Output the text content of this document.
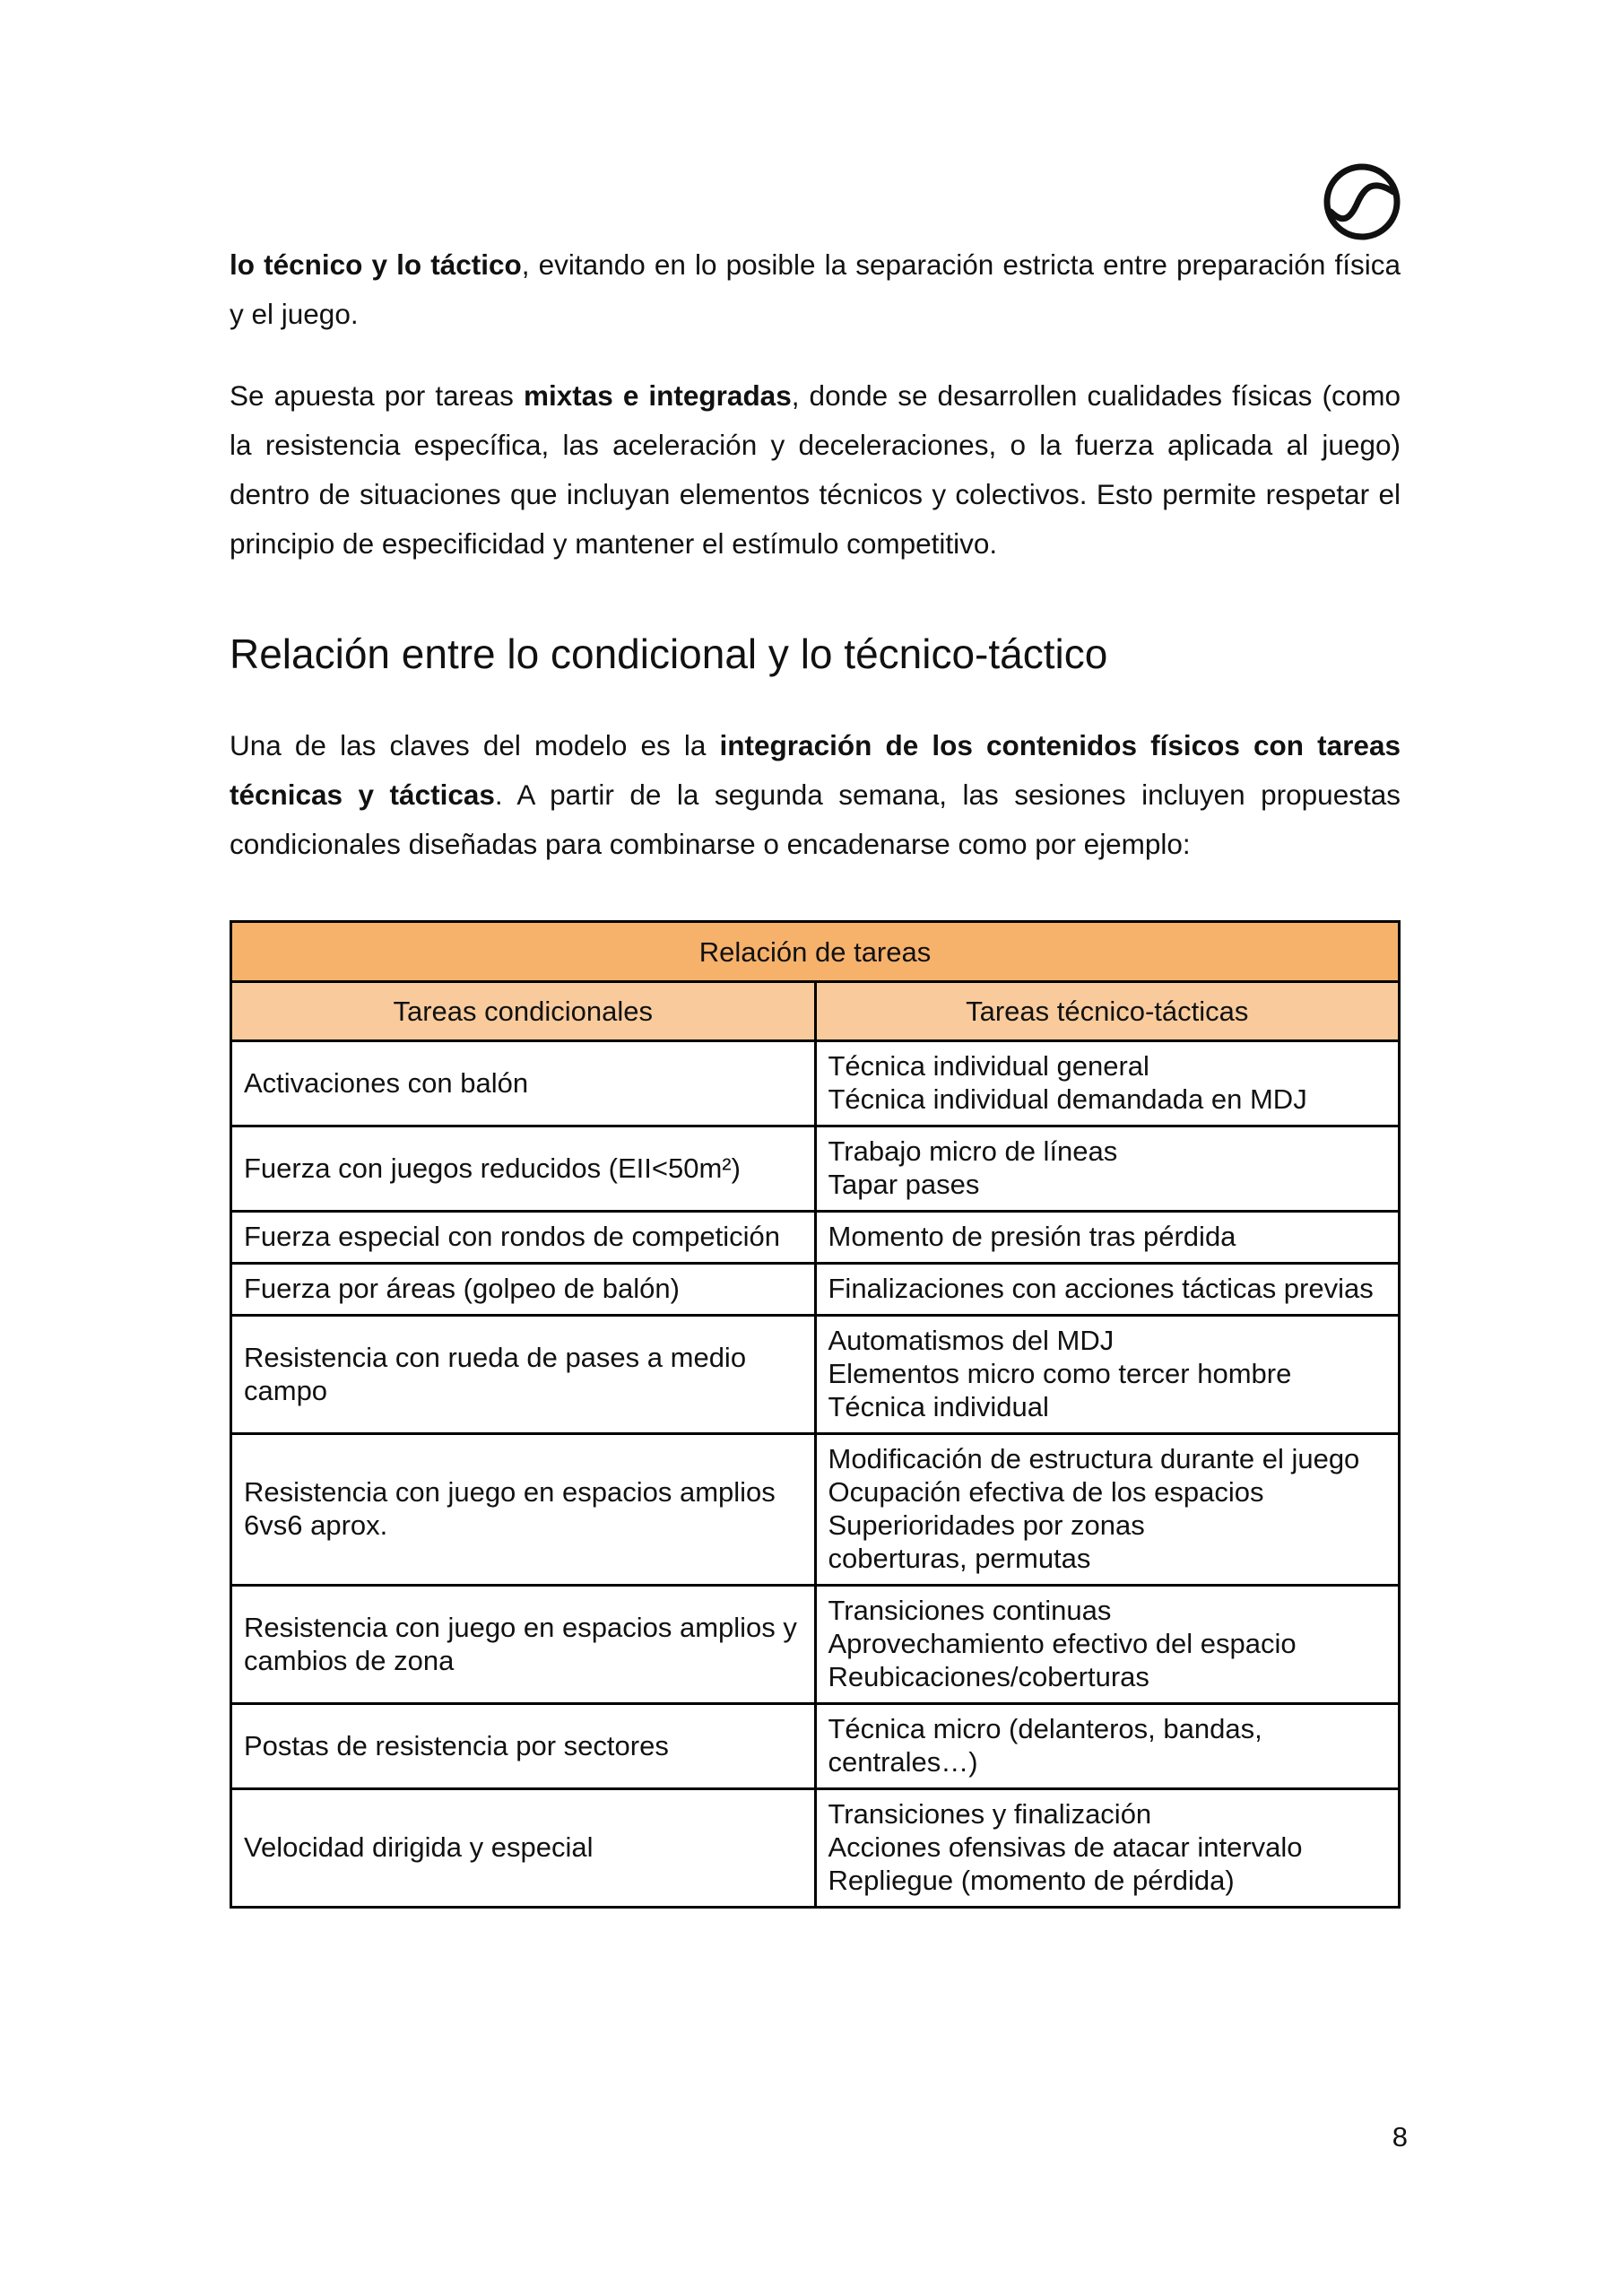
lo técnico y lo táctico, evitando en lo posible la separación estricta entre preparación física y el juego.

Se apuesta por tareas mixtas e integradas, donde se desarrollen cualidades físicas (como la resistencia específica, las aceleración y deceleraciones, o la fuerza aplicada al juego) dentro de situaciones que incluyan elementos técnicos y colectivos. Esto permite respetar el principio de especificidad y mantener el estímulo competitivo.

Relación entre lo condicional y lo técnico-táctico

Una de las claves del modelo es la integración de los contenidos físicos con tareas técnicas y tácticas. A partir de la segunda semana, las sesiones incluyen propuestas condicionales diseñadas para combinarse o encadenarse como por ejemplo:

Relación de tareas	
Tareas condicionales	Tareas técnico-tácticas
Activaciones con balón	Técnica individual general
Técnica individual demandada en MDJ

Fuerza con juegos reducidos (EII<50m²)	Trabajo micro de líneas
Tapar pases

Fuerza especial con rondos de competición	Momento de presión tras pérdida

Fuerza por áreas (golpeo de balón)	Finalizaciones con acciones tácticas previas

Resistencia con rueda de pases a medio campo	Automatismos del MDJ
Elementos micro como tercer hombre
Técnica individual

Resistencia con juego en espacios amplios 6vs6 aprox.	Modificación de estructura durante el juego
Ocupación efectiva de los espacios
Superioridades por zonas
coberturas, permutas

Resistencia con juego en espacios amplios y cambios de zona	Transiciones continuas
Aprovechamiento efectivo del espacio
Reubicaciones/coberturas

Postas de resistencia por sectores	Técnica micro (delanteros, bandas, centrales…)

Velocidad dirigida y especial	Transiciones y finalización
Acciones ofensivas de atacar intervalo
Repliegue (momento de pérdida)
8
